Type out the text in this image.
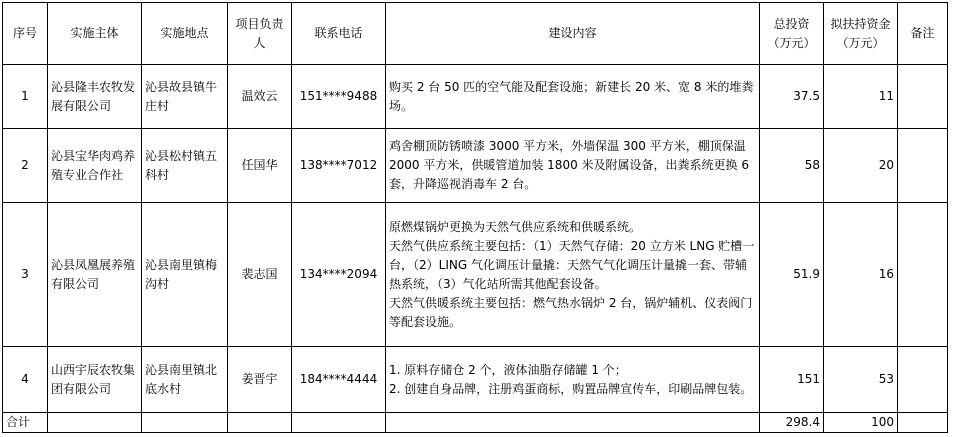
序号	实施主体	实施地点	项目负责人	联系电话	建设内容	总投资（万元）	拟扶持资金（万元）	备注
1	沁县隆丰农牧发展有限公司	沁县故县镇牛庄村	温效云	151****9488	购买 2 台 50 匹的空气能及配套设施；新建长 20 米、宽 8 米的堆粪场。	37.5	11	
2	沁县宝华肉鸡养殖专业合作社	沁县松村镇五科村	任国华	138****7012	鸡舍棚顶防锈喷漆 3000 平方米，外墙保温 300 平方米，棚顶保温 2000 平方米，供暖管道加装 1800 米及附属设备，出粪系统更换 6 套，升降巡视消毒车 2 台。	58	20	
3	沁县凤凰展养殖有限公司	沁县南里镇梅沟村	裴志国	134****2094	原燃煤锅炉更换为天然气供应系统和供暖系统。
天然气供应系统主要包括：（1）天然气存储：20 立方米 LNG 贮槽一台，（2）LING 气化调压计量撬：天然气气化调压计量撬一套、带辅热系统，（3）气化站所需其他配套设备。
天然气供暖系统主要包括：燃气热水锅炉 2 台，锅炉辅机、仪表阀门等配套设施。	51.9	16	
4	山西宇辰农牧集团有限公司	沁县南里镇北底水村	姜晋宇	184****4444	1. 原料存储仓 2 个，液体油脂存储罐 1 个；
2. 创建自身品牌，注册鸡蛋商标，购置品牌宣传车，印刷品牌包装。	151	53	
合计						298.4	100	
